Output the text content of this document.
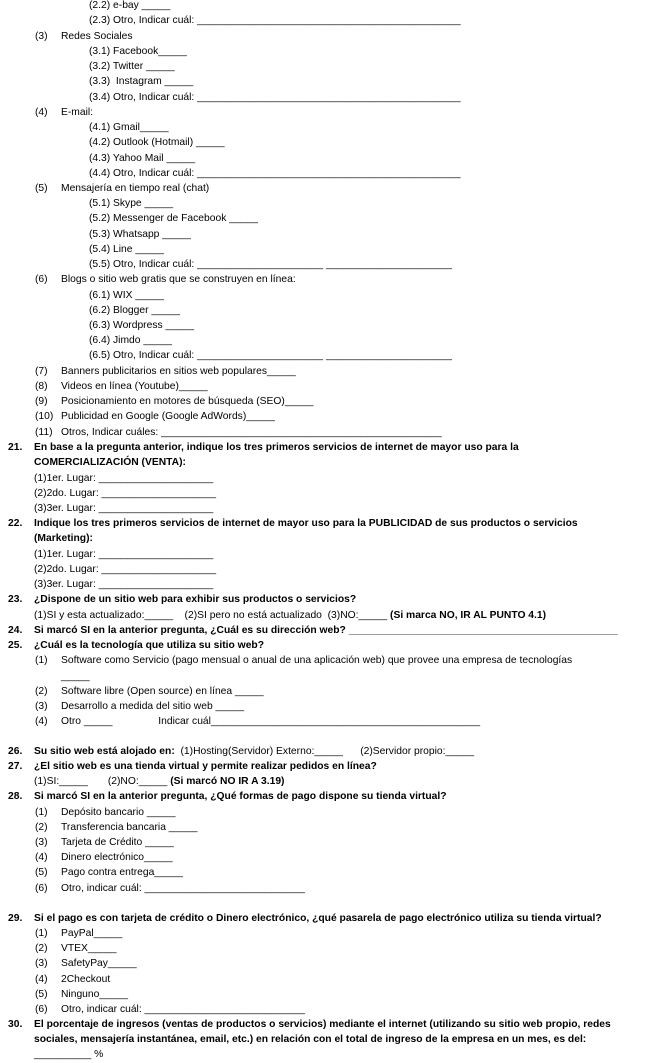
(2.2) e-bay _____
(2.3) Otro, Indicar cuál: ______________________________________________
(3) Redes Sociales
(3.1) Facebook_____
(3.2) Twitter _____
(3.3)  Instagram _____
(3.4) Otro, Indicar cuál: ______________________________________________
(4) E-mail:
(4.1) Gmail_____
(4.2) Outlook (Hotmail) _____
(4.3) Yahoo Mail _____
(4.4) Otro, Indicar cuál: ______________________________________________
(5) Mensajería en tiempo real (chat)
(5.1) Skype _____
(5.2) Messenger de Facebook _____
(5.3) Whatsapp _____
(5.4) Line _____
(5.5) Otro, Indicar cuál: ______________________ ______________________
(6) Blogs o sitio web gratis que se construyen en línea:
(6.1) WIX _____
(6.2) Blogger _____
(6.3) Wordpress _____
(6.4) Jimdo _____
(6.5) Otro, Indicar cuál: ______________________ ______________________
(7) Banners publicitarios en sitios web populares_____
(8) Videos en línea (Youtube)_____
(9) Posicionamiento en motores de búsqueda (SEO)_____
(10) Publicidad en Google (Google AdWords)_____
(11) Otros, Indicar cuáles: _________________________________________________
21. En base a la pregunta anterior, indique los tres primeros servicios de internet de mayor uso para la
COMERCIALIZACIÓN (VENTA):
(1)1er. Lugar: ____________________
(2)2do. Lugar: ____________________
(3)3er. Lugar: ____________________
22. Indique los tres primeros servicios de internet de mayor uso para la PUBLICIDAD de sus productos o servicios
(Marketing):
(1)1er. Lugar: ____________________
(2)2do. Lugar: ____________________
(3)3er. Lugar: ____________________
23. ¿Dispone de un sitio web para exhibir sus productos o servicios?
(1)SI y esta actualizado:_____    (2)SI pero no está actualizado  (3)NO:_____ (Si marca NO, IR AL PUNTO 4.1)
24. Si marcó SI en la anterior pregunta, ¿Cuál es su dirección web? _______________________________________________
25. ¿Cuál es la tecnología que utiliza su sitio web?
(1) Software como Servicio (pago mensual o anual de una aplicación web) que provee una empresa de tecnologías
_____
(2) Software libre (Open source) en línea _____
(3) Desarrollo a medida del sitio web _____
(4) Otro _____                Indicar cuál_______________________________________________
26. Su sitio web está alojado en: (1)Hosting(Servidor) Externo:_____      (2)Servidor propio:_____
27. ¿El sitio web es una tienda virtual y permite realizar pedidos en línea?
(1)SI:_____       (2)NO:_____ (Si marcó NO IR A 3.19)
28. Si marcó SI en la anterior pregunta, ¿Qué formas de pago dispone su tienda virtual?
(1) Depósito bancario _____
(2) Transferencia bancaria _____
(3) Tarjeta de Crédito _____
(4) Dinero electrónico_____
(5) Pago contra entrega_____
(6) Otro, indicar cuál: ____________________________
29. Si el pago es con tarjeta de crédito o Dinero electrónico, ¿qué pasarela de pago electrónico utiliza su tienda virtual?
(1) PayPal_____
(2) VTEX_____
(3) SafetyPay_____
(4) 2Checkout
(5) Ninguno_____
(6) Otro, indicar cuál: ____________________________
30. El porcentaje de ingresos (ventas de productos o servicios) mediante el internet (utilizando su sitio web propio, redes
sociales, mensajería instantánea, email, etc.) en relación con el total de ingreso de la empresa en un mes, es del:
__________ %
